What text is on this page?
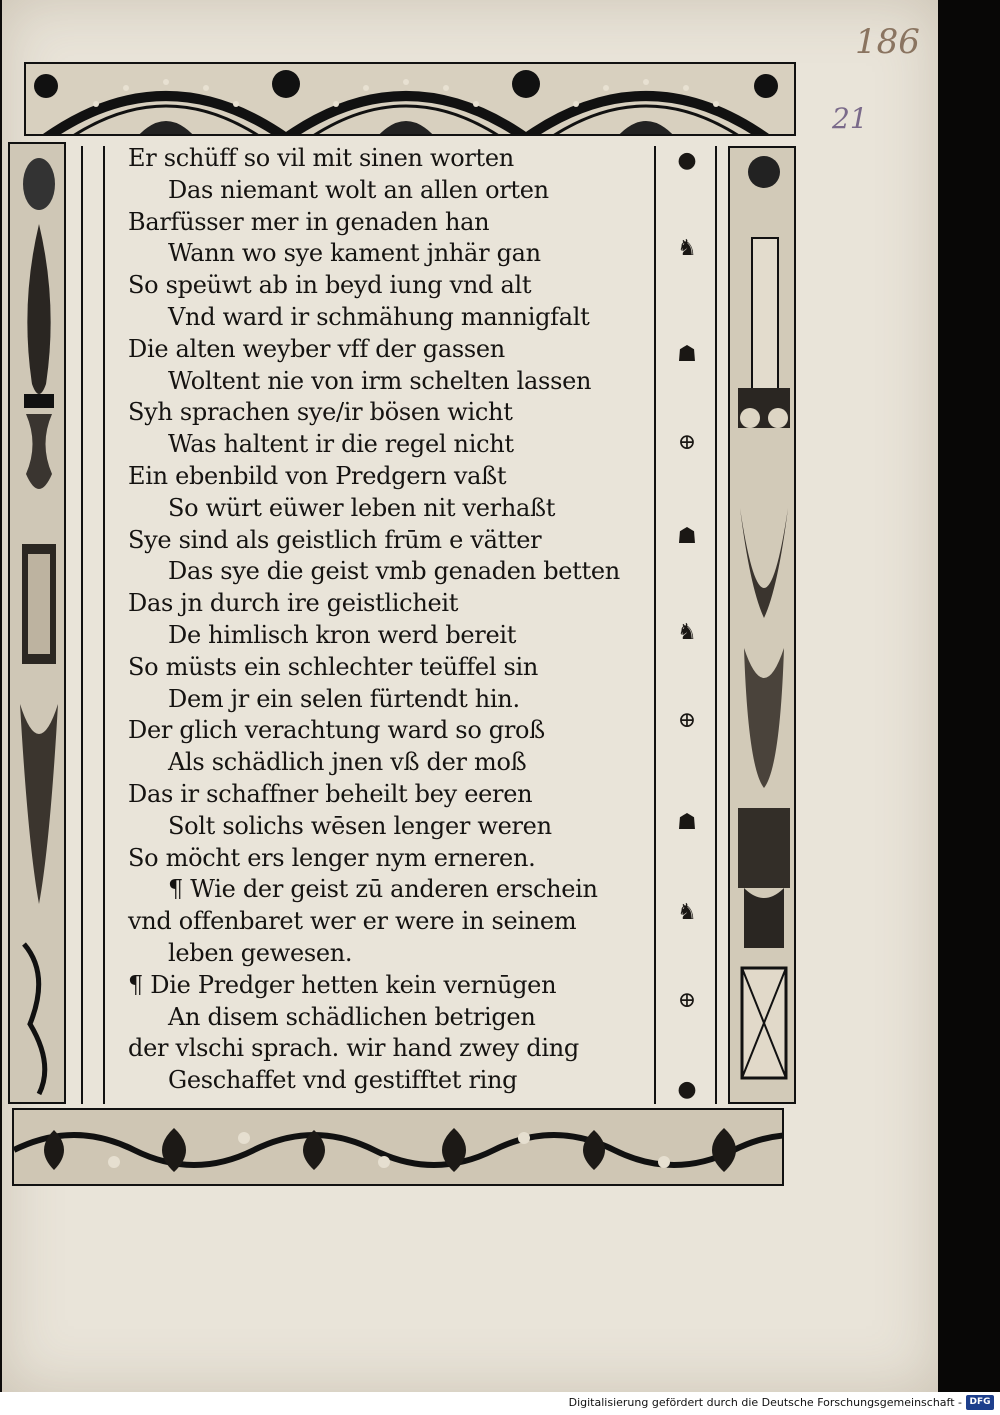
186
21
Er schüff so vil mit sinen worten
Das niemant wolt an allen orten
Barfüsser mer in genaden han
Wann wo sye kament jnhär gan
So speüwt ab in beyd iung vnd alt
Vnd ward ir schmähung mannigfalt
Die alten weyber vff der gassen
Woltent nie von irm schelten lassen
Syh sprachen sye/ir bösen wicht
Was haltent ir die regel nicht
Ein ebenbild von Predgern vaßt
So würt eüwer leben nit verhaßt
Sye sind als geistlich frūm e vätter
Das sye die geist vmb genaden betten
Das jn durch ire geistlicheit
De himlisch kron werd bereit
So müsts ein schlechter teüffel sin
Dem jr ein selen fürtendt hin.
Der glich verachtung ward so groß
Als schädlich jnen vß der moß
Das ir schaffner beheilt bey eeren
Solt solichs wēsen lenger weren
So möcht ers lenger nym erneren.
¶ Wie der geist zū anderen erschein
vnd offenbaret wer er were in seinem
leben gewesen.
¶ Die Predger hetten kein vernūgen
An disem schädlichen betrigen
der vlschi sprach. wir hand zwey ding
Geschaffet vnd gestifftet ring
●
♞
☗
⊕
☗
♞
⊕
☗
♞
⊕
●
Digitalisierung gefördert durch die Deutsche Forschungsgemeinschaft - DFG
